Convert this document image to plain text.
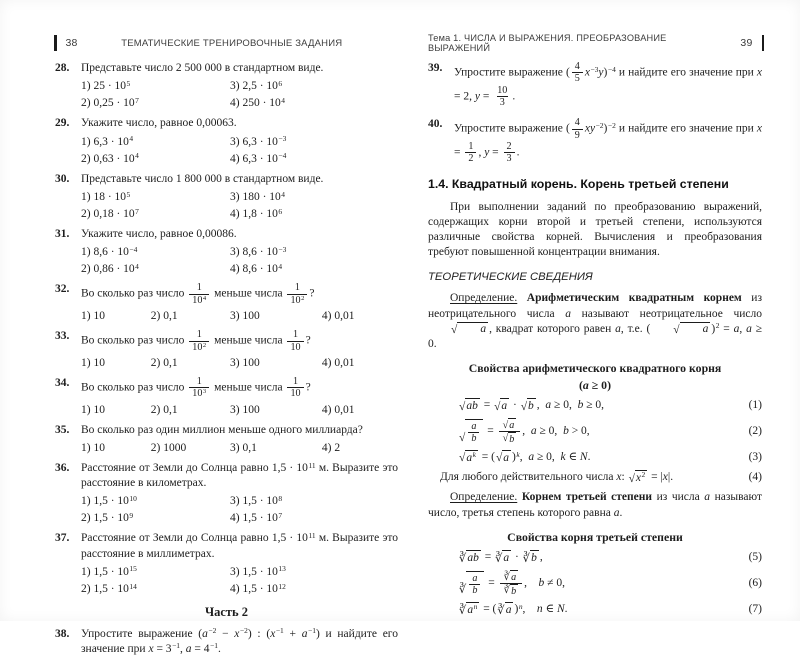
38	ТЕМАТИЧЕСКИЕ ТРЕНИРОВОЧНЫЕ ЗАДАНИЯ
28.	Представьте число 2 500 000 в стандартном виде.
1) $25 \cdot 10^5$
2) $0,25 \cdot 10^7$
3) $2,5 \cdot 10^6$
4) $250 \cdot 10^4$
29.	Укажите число, равное 0,00063.
1) $6,3 \cdot 10^4$
2) $0,63 \cdot 10^4$
3) $6,3 \cdot 10^{-3}$
4) $6,3 \cdot 10^{-4}$
30.	Представьте число 1 800 000 в стандартном виде.
1) $18 \cdot 10^5$
2) $0,18 \cdot 10^7$
3) $180 \cdot 10^4$
4) $1,8 \cdot 10^6$
31.	Укажите число, равное 0,00086.
1) $8,6 \cdot 10^{-4}$
2) $0,86 \cdot 10^4$
3) $8,6 \cdot 10^{-3}$
4) $8,6 \cdot 10^4$
32.	Во сколько раз число $\frac{1}{10^4}$ меньше числа $\frac{1}{10^2}$ ?
1) 10	2) 0,1	3) 100	4) 0,01
33.	Во сколько раз число $\frac{1}{10^2}$ меньше числа $\frac{1}{10}$ ?
1) 10	2) 0,1	3) 100	4) 0,01
34.	Во сколько раз число $\frac{1}{10^3}$ меньше числа $\frac{1}{10}$ ?
1) 10	2) 0,1	3) 100	4) 0,01
35.	Во сколько раз один миллион меньше одного миллиарда?
1) 10	2) 1000	3) 0,1	4) 2
36.	Расстояние от Земли до Солнца равно $1,5 \cdot 10^{11}$ м. Выразите это расстояние в километрах.
1) $1,5 \cdot 10^{10}$
2) $1,5 \cdot 10^9$
3) $1,5 \cdot 10^8$
4) $1,5 \cdot 10^7$
37.	Расстояние от Земли до Солнца равно $1,5 \cdot 10^{11}$ м. Выразите это расстояние в миллиметрах.
1) $1,5 \cdot 10^{15}$
2) $1,5 \cdot 10^{14}$
3) $1,5 \cdot 10^{13}$
4) $1,5 \cdot 10^{12}$
Часть 2
38.	Упростите выражение $(a^{-2} - x^{-2})$ : $(x^{-1} + a^{-1})$ и найдите его значение при $x = 3^{-1}$, $a = 4^{-1}$.
Тема 1. ЧИСЛА И ВЫРАЖЕНИЯ. ПРЕОБРАЗОВАНИЕ ВЫРАЖЕНИЙ	39
39.	Упростите выражение ( $\frac{4}{5} x^{-3}y)^{-4}$ и найдите его значение при x = 2, $y = \frac{10}{3}$ .
40.	Упростите выражение ( $\frac{4}{9} xy^{-2})^{-2}$ и найдите его значение при $x = \frac{1}{2}$ , $y = \frac{2}{3}$ .
1.4. Квадратный корень. Корень третьей степени

При выполнении заданий по преобразованию выражений, содержащих корни второй и третьей степени, используются различные свойства корней. Вычисления и преобразования требуют повышенной концентрации внимания.

ТЕОРЕТИЧЕСКИЕ СВЕДЕНИЯ

Определение. Арифметическим квадратным корнем из неотрицательного числа a называют неотрицательное число
√	a , квадрат которого равен a, т.е. (	√	a )$^2$ = a, a ≥ 0.

Свойства арифметического квадратного корня
(a ≥ 0)
√ ab = √ a · √ b , a ≥ 0, b ≥ 0,	(1)
√ $\frac{a}{b} = \frac{√ a}{√ b}$ , a ≥ 0, b > 0,	(2)
√ $a^k$ = ( √ a )$^k$, a ≥ 0, k ∈ N.	(3)
Для любого действительного числа x: √ $x^2 = |x|$.	(4)

Определение. Корнем третьей степени из числа a называют число, третья степень которого равна a.

Свойства корня третьей степени
∛ ab = ∛ a · ∛ b ,	(5)
∛ $\frac{a}{b} = \frac{∛ a}{∛ b}$ ,  b ≠ 0,	(6)
∛ $a^n$ = ( ∛ a )$^n$,  n ∈ N.	(7)
